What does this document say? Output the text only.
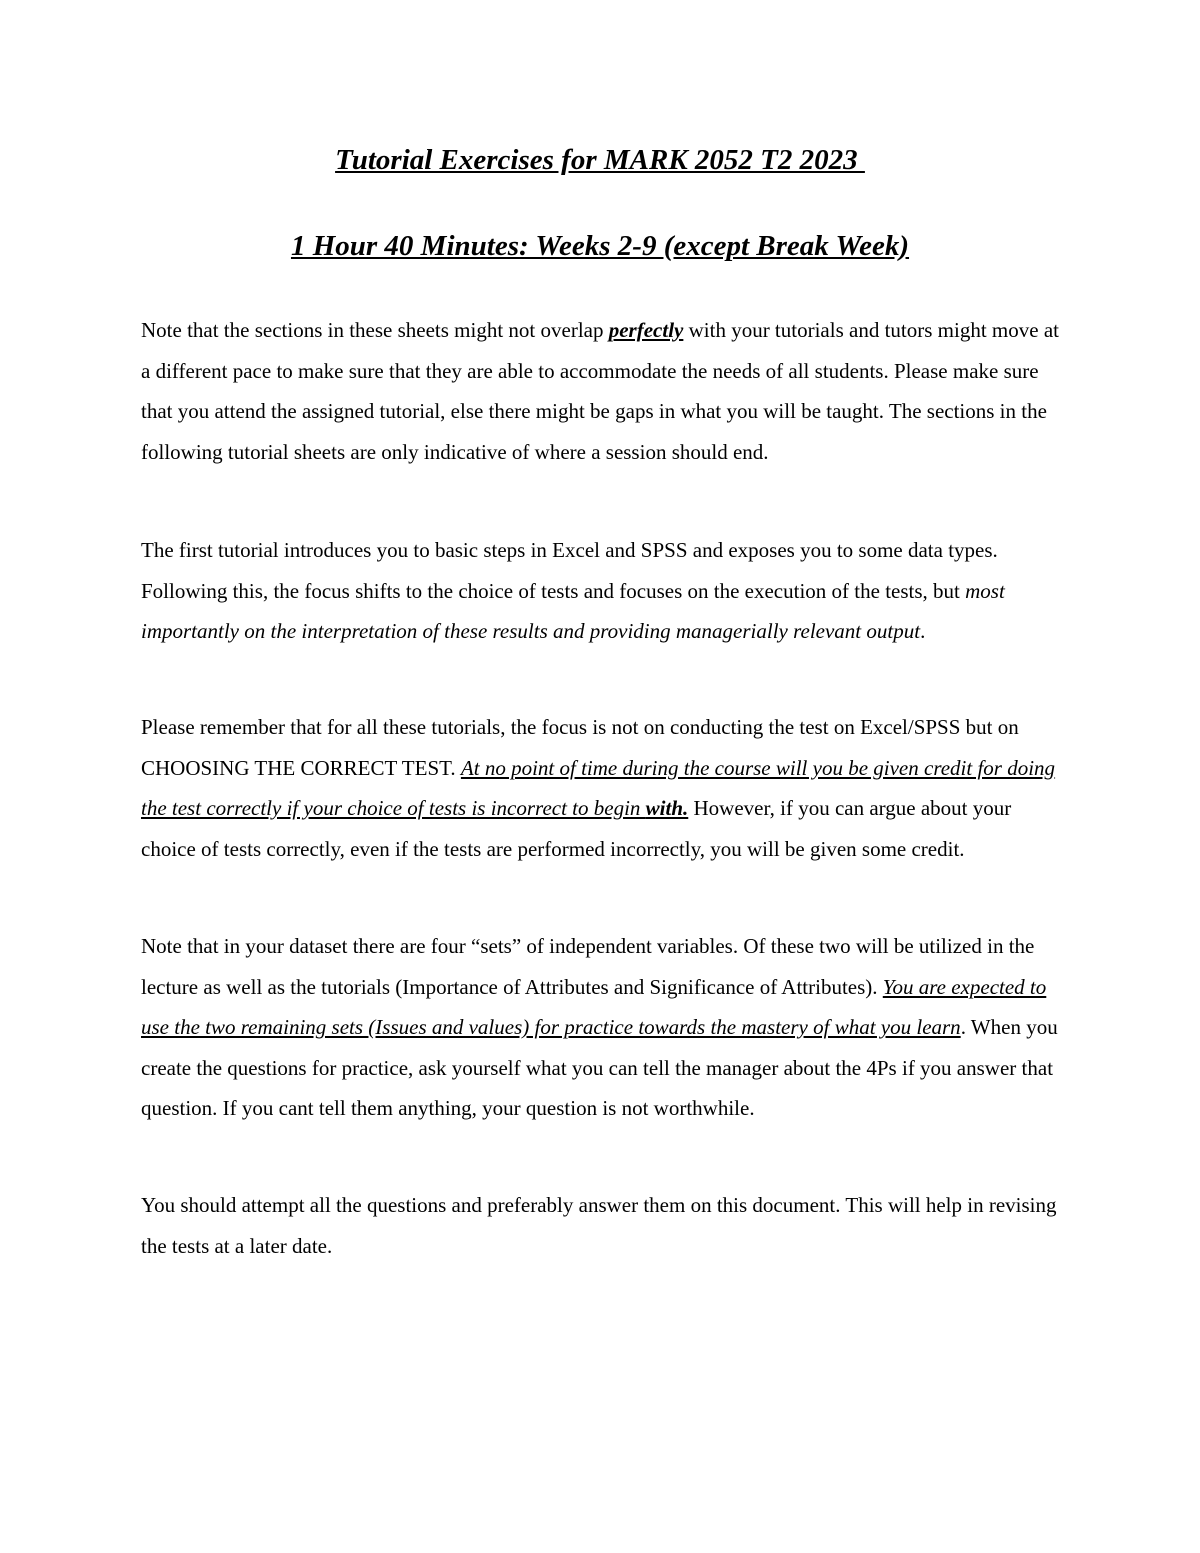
Tutorial Exercises for MARK 2052 T2 2023
1 Hour 40 Minutes: Weeks 2-9 (except Break Week)

Note that the sections in these sheets might not overlap perfectly with your tutorials and tutors might move at a different pace to make sure that they are able to accommodate the needs of all students. Please make sure that you attend the assigned tutorial, else there might be gaps in what you will be taught. The sections in the following tutorial sheets are only indicative of where a session should end.

The first tutorial introduces you to basic steps in Excel and SPSS and exposes you to some data types. Following this, the focus shifts to the choice of tests and focuses on the execution of the tests, but most importantly on the interpretation of these results and providing managerially relevant output.

Please remember that for all these tutorials, the focus is not on conducting the test on Excel/SPSS but on CHOOSING THE CORRECT TEST. At no point of time during the course will you be given credit for doing the test correctly if your choice of tests is incorrect to begin with. However, if you can argue about your choice of tests correctly, even if the tests are performed incorrectly, you will be given some credit.

Note that in your dataset there are four “sets” of independent variables. Of these two will be utilized in the lecture as well as the tutorials (Importance of Attributes and Significance of Attributes). You are expected to use the two remaining sets (Issues and values) for practice towards the mastery of what you learn. When you create the questions for practice, ask yourself what you can tell the manager about the 4Ps if you answer that question. If you cant tell them anything, your question is not worthwhile.

You should attempt all the questions and preferably answer them on this document. This will help in revising the tests at a later date.
